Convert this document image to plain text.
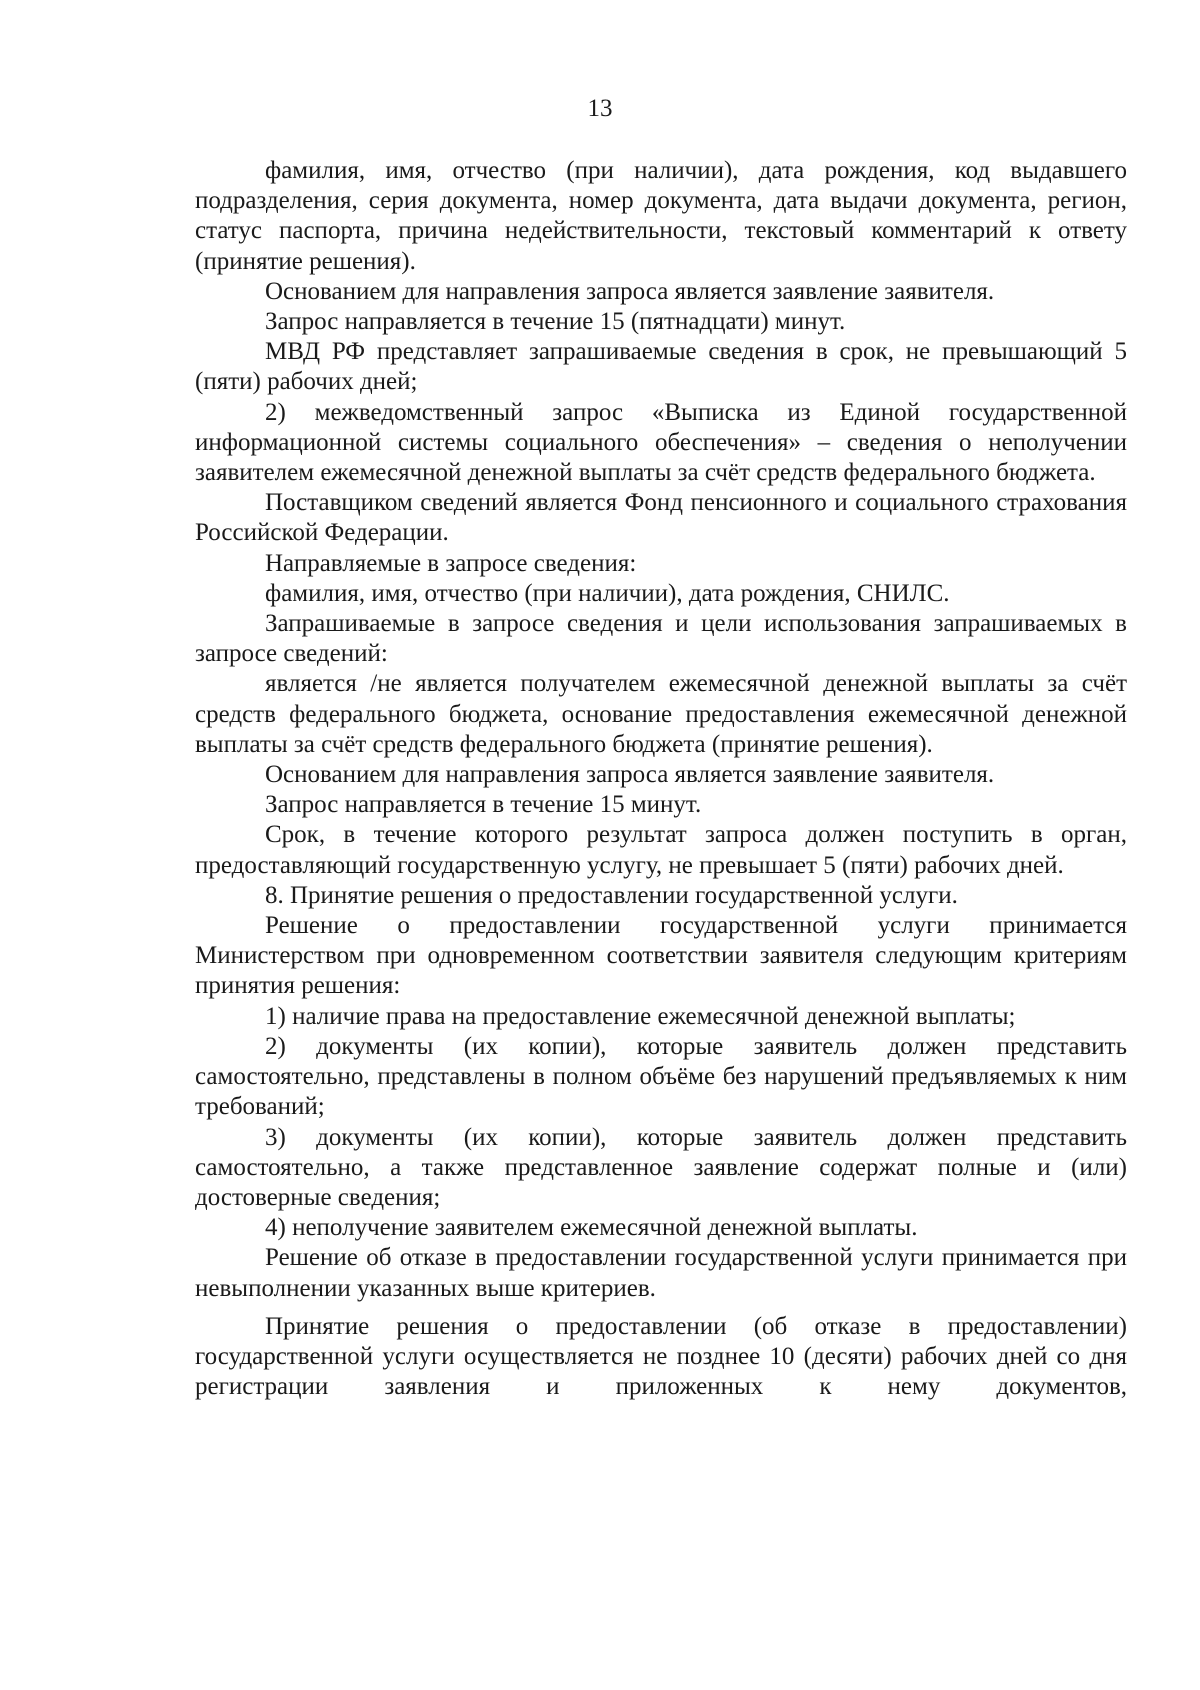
13

фамилия, имя, отчество (при наличии), дата рождения, код выдавшего подразделения, серия документа, номер документа, дата выдачи документа, регион, статус паспорта, причина недействительности, текстовый комментарий к ответу (принятие решения).

Основанием для направления запроса является заявление заявителя.

Запрос направляется в течение 15 (пятнадцати) минут.

МВД РФ представляет запрашиваемые сведения в срок, не превышающий 5 (пяти) рабочих дней;

2) межведомственный запрос «Выписка из Единой государственной информационной системы социального обеспечения» – сведения о неполучении заявителем ежемесячной денежной выплаты за счёт средств федерального бюджета.

Поставщиком сведений является Фонд пенсионного и социального страхования Российской Федерации.

Направляемые в запросе сведения:

фамилия, имя, отчество (при наличии), дата рождения, СНИЛС.

Запрашиваемые в запросе сведения и цели использования запрашиваемых в запросе сведений:

является /не является получателем ежемесячной денежной выплаты за счёт средств федерального бюджета, основание предоставления ежемесячной денежной выплаты за счёт средств федерального бюджета (принятие решения).

Основанием для направления запроса является заявление заявителя.

Запрос направляется в течение 15 минут.

Срок, в течение которого результат запроса должен поступить в орган, предоставляющий государственную услугу, не превышает 5 (пяти) рабочих дней.

8. Принятие решения о предоставлении государственной услуги.

Решение о предоставлении государственной услуги принимается Министерством при одновременном соответствии заявителя следующим критериям принятия решения:

1) наличие права на предоставление ежемесячной денежной выплаты;

2) документы (их копии), которые заявитель должен представить самостоятельно, представлены в полном объёме без нарушений предъявляемых к ним требований;

3) документы (их копии), которые заявитель должен представить самостоятельно, а также представленное заявление содержат полные и (или) достоверные сведения;

4) неполучение заявителем ежемесячной денежной выплаты.

Решение об отказе в предоставлении государственной услуги принимается при невыполнении указанных выше критериев.

Принятие решения о предоставлении (об отказе в предоставлении) государственной услуги осуществляется не позднее 10 (десяти) рабочих дней со дня регистрации заявления и приложенных к нему документов,
